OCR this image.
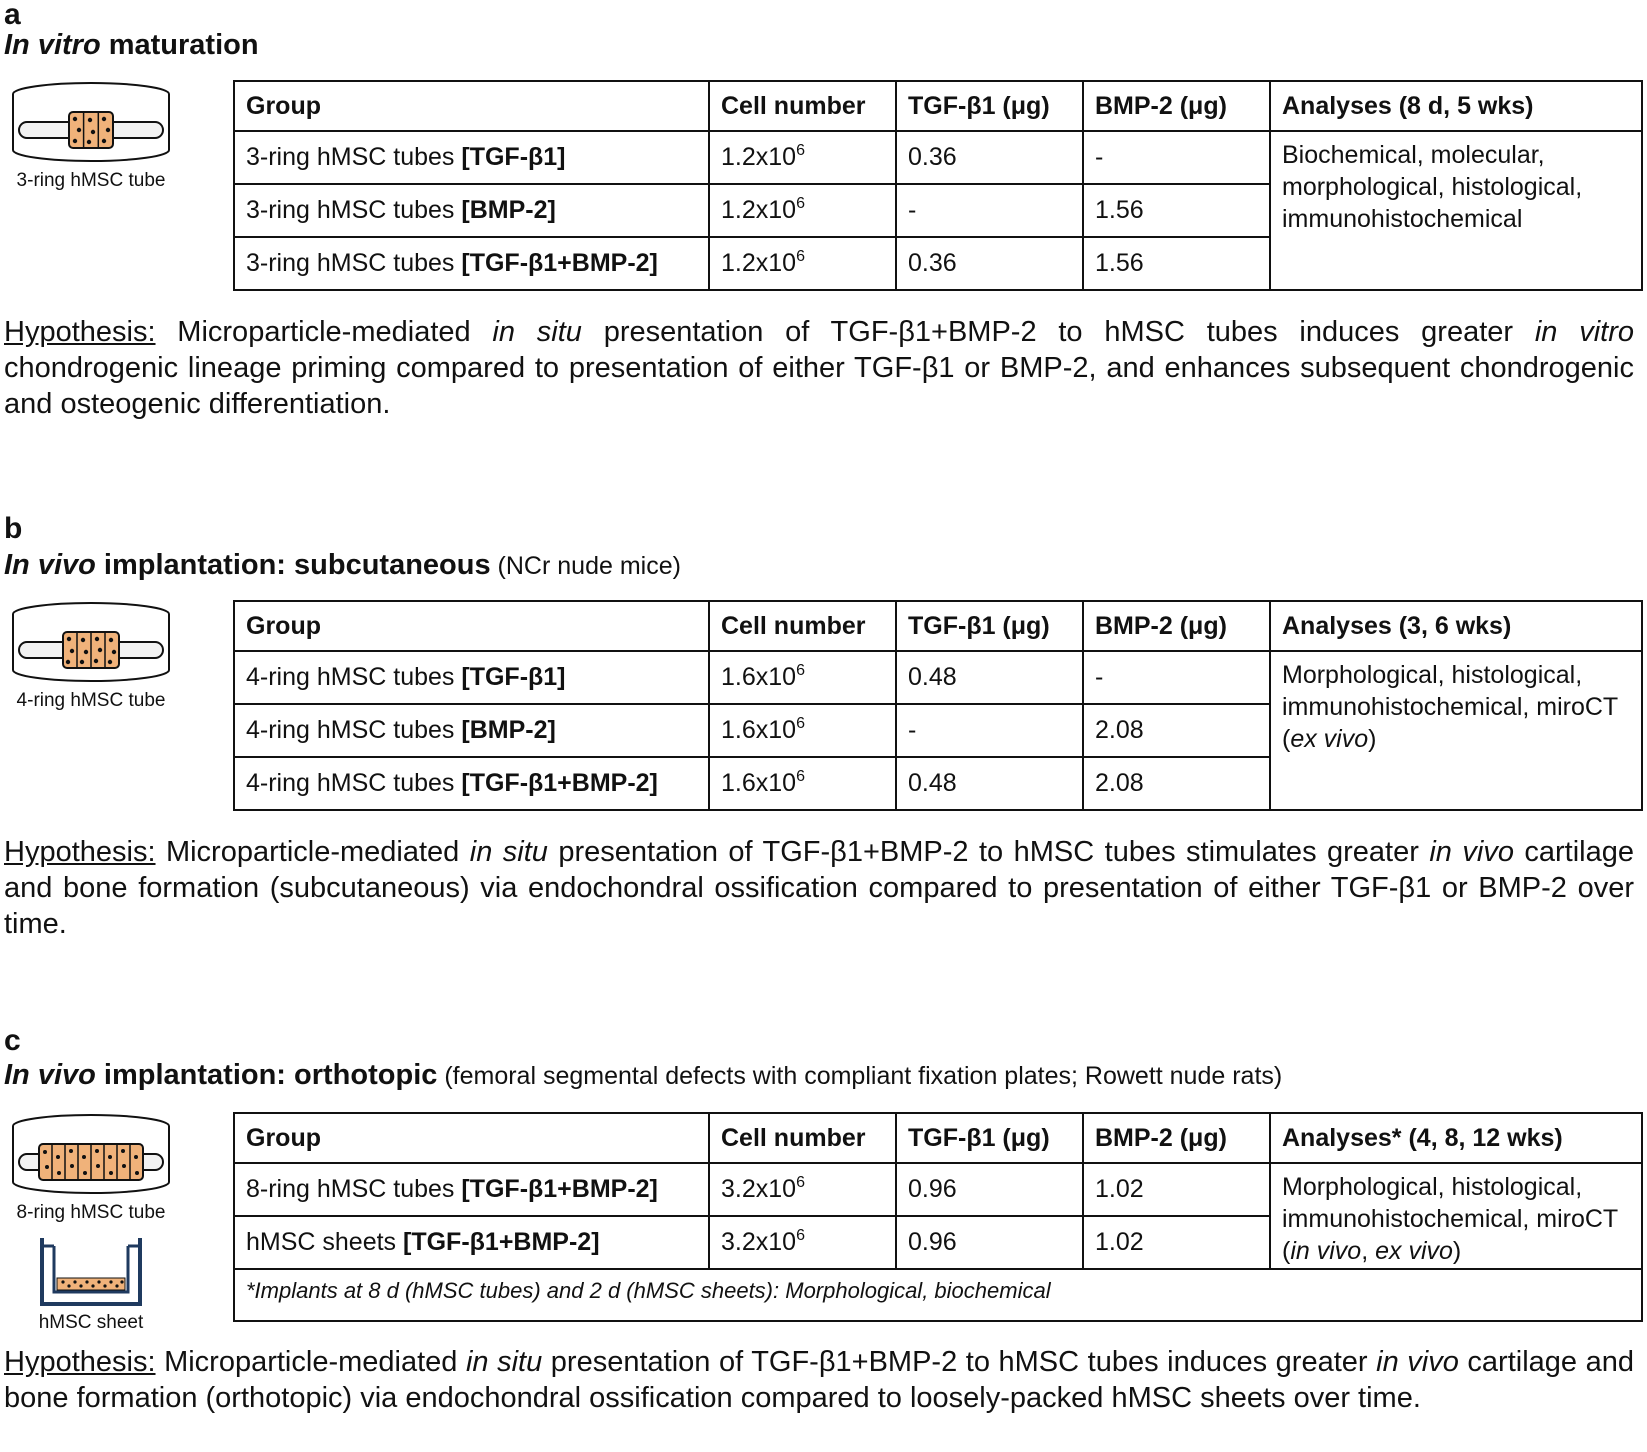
a
In vitro maturation
3-ring hMSC tube
Group	Cell number	TGF-β1 (μg)	BMP-2 (μg)	Analyses (8 d, 5 wks)
3-ring hMSC tubes [TGF-β1]	$1.2x10^6$	0.36	-	Biochemical, molecular, morphological, histological, immunohistochemical
3-ring hMSC tubes [BMP-2]	$1.2x10^6$	-	1.56	
3-ring hMSC tubes [TGF-β1+BMP-2]	$1.2x10^6$	0.36	1.56	
Hypothesis: Microparticle-mediated in situ presentation of TGF-β1+BMP-2 to hMSC tubes induces greater in vitro chondrogenic lineage priming compared to presentation of either TGF-β1 or BMP-2, and enhances subsequent chondrogenic and osteogenic differentiation.
b
In vivo implantation: subcutaneous (NCr nude mice)
4-ring hMSC tube
Group	Cell number	TGF-β1 (μg)	BMP-2 (μg)	Analyses (3, 6 wks)
4-ring hMSC tubes [TGF-β1]	$1.6x10^6$	0.48	-	Morphological, histological, immunohistochemical, miroCT (ex vivo)
4-ring hMSC tubes [BMP-2]	$1.6x10^6$	-	2.08	
4-ring hMSC tubes [TGF-β1+BMP-2]	$1.6x10^6$	0.48	2.08	
Hypothesis: Microparticle-mediated in situ presentation of TGF-β1+BMP-2 to hMSC tubes stimulates greater in vivo cartilage and bone formation (subcutaneous) via endochondral ossification compared to presentation of either TGF-β1 or BMP-2 over time.
c
In vivo implantation: orthotopic (femoral segmental defects with compliant fixation plates; Rowett nude rats)
8-ring hMSC tube
hMSC sheet
Group	Cell number	TGF-β1 (μg)	BMP-2 (μg)	Analyses* (4, 8, 12 wks)
8-ring hMSC tubes [TGF-β1+BMP-2]	$3.2x10^6$	0.96	1.02	Morphological, histological, immunohistochemical, miroCT (in vivo, ex vivo)
hMSC sheets [TGF-β1+BMP-2]	$3.2x10^6$	0.96	1.02	
*Implants at 8 d (hMSC tubes) and 2 d (hMSC sheets): Morphological, biochemical				
Hypothesis: Microparticle-mediated in situ presentation of TGF-β1+BMP-2 to hMSC tubes induces greater in vivo cartilage and bone formation (orthotopic) via endochondral ossification compared to loosely-packed hMSC sheets over time.
